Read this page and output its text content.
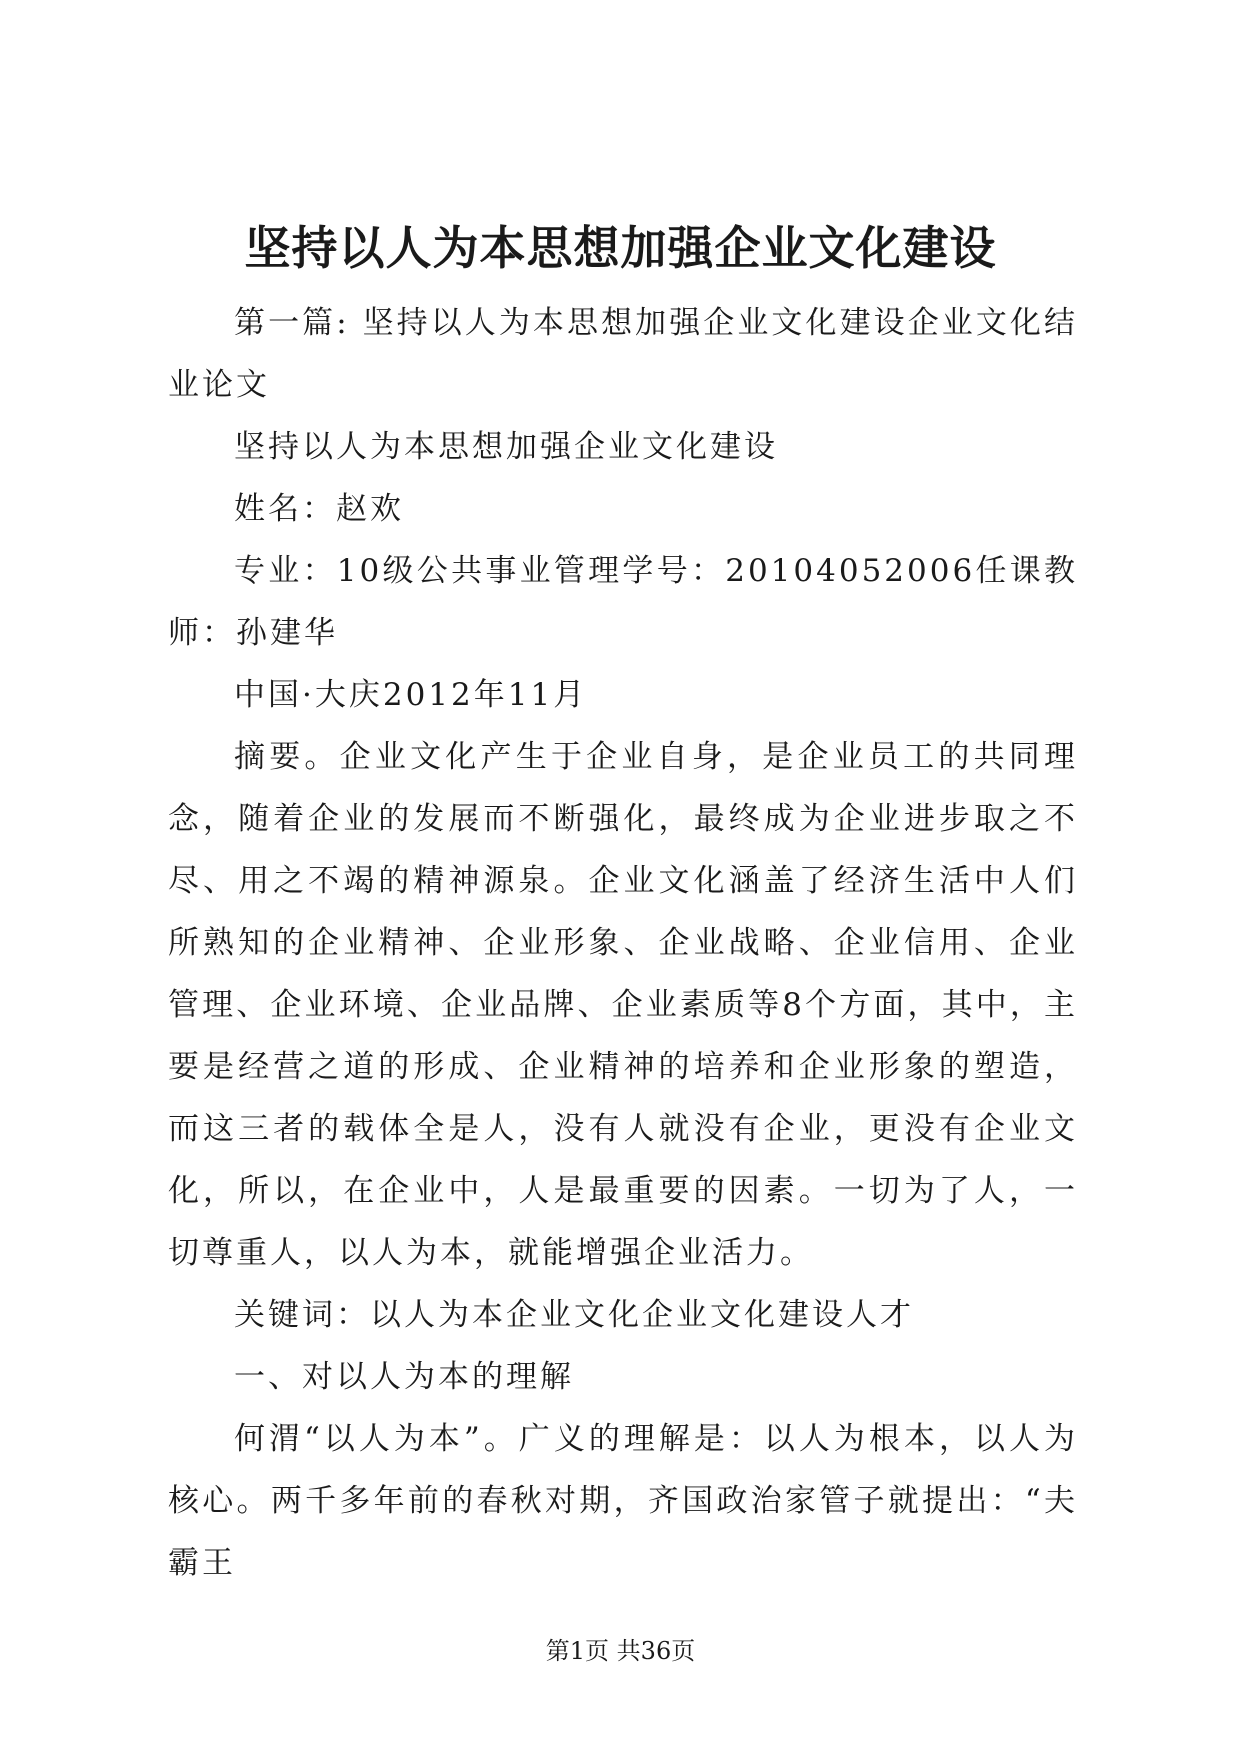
坚持以人为本思想加强企业文化建设

第一篇: 坚持以人为本思想加强企业文化建设企业文化结业论文

坚持以人为本思想加强企业文化建设

姓名：赵欢

专业：10级公共事业管理学号：20104052006任课教师：孙建华

中国·大庆2012年11月

摘要。企业文化产生于企业自身，是企业员工的共同理念，随着企业的发展而不断强化，最终成为企业进步取之不尽、用之不竭的精神源泉。企业文化涵盖了经济生活中人们所熟知的企业精神、企业形象、企业战略、企业信用、企业管理、企业环境、企业品牌、企业素质等8个方面，其中，主要是经营之道的形成、企业精神的培养和企业形象的塑造，而这三者的载体全是人，没有人就没有企业，更没有企业文化，所以，在企业中，人是最重要的因素。一切为了人，一切尊重人，以人为本，就能增强企业活力。

关键词：以人为本企业文化企业文化建设人才

一、对以人为本的理解

何渭“以人为本”。广义的理解是：以人为根本，以人为核心。两千多年前的春秋对期，齐国政治家管子就提出：“夫霸王

第1页 共36页
